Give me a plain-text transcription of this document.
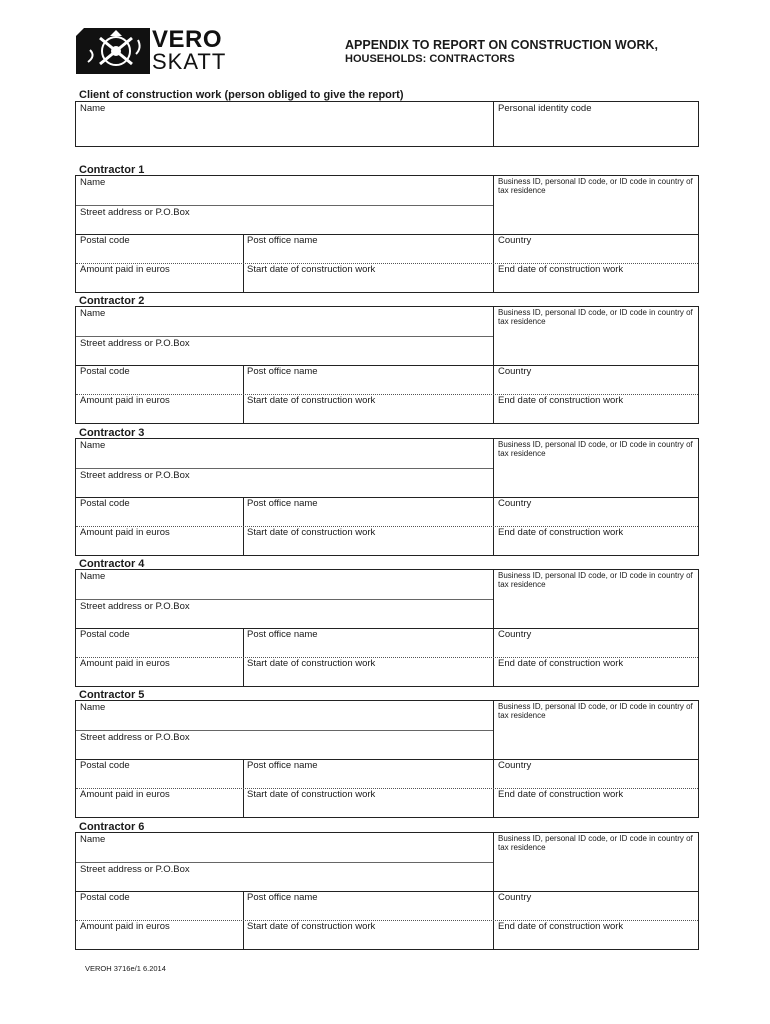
VERO
SKATT
APPENDIX TO REPORT ON CONSTRUCTION WORK,
HOUSEHOLDS: CONTRACTORS
Client of construction work (person obliged to give the report)
Name	Personal identity code
Contractor 1
Name	Business ID, personal ID code, or ID code in country of tax residence
Street address or P.O.Box
Postal code	Post office name	Country
Amount paid in euros	Start date of construction work	End date of construction work
Contractor 2
Name	Business ID, personal ID code, or ID code in country of tax residence
Street address or P.O.Box
Postal code	Post office name	Country
Amount paid in euros	Start date of construction work	End date of construction work
Contractor 3
Name	Business ID, personal ID code, or ID code in country of tax residence
Street address or P.O.Box
Postal code	Post office name	Country
Amount paid in euros	Start date of construction work	End date of construction work
Contractor 4
Name	Business ID, personal ID code, or ID code in country of tax residence
Street address or P.O.Box
Postal code	Post office name	Country
Amount paid in euros	Start date of construction work	End date of construction work
Contractor 5
Name	Business ID, personal ID code, or ID code in country of tax residence
Street address or P.O.Box
Postal code	Post office name	Country
Amount paid in euros	Start date of construction work	End date of construction work
Contractor 6
Name	Business ID, personal ID code, or ID code in country of tax residence
Street address or P.O.Box
Postal code	Post office name	Country
Amount paid in euros	Start date of construction work	End date of construction work
VEROH 3716e/1 6.2014
